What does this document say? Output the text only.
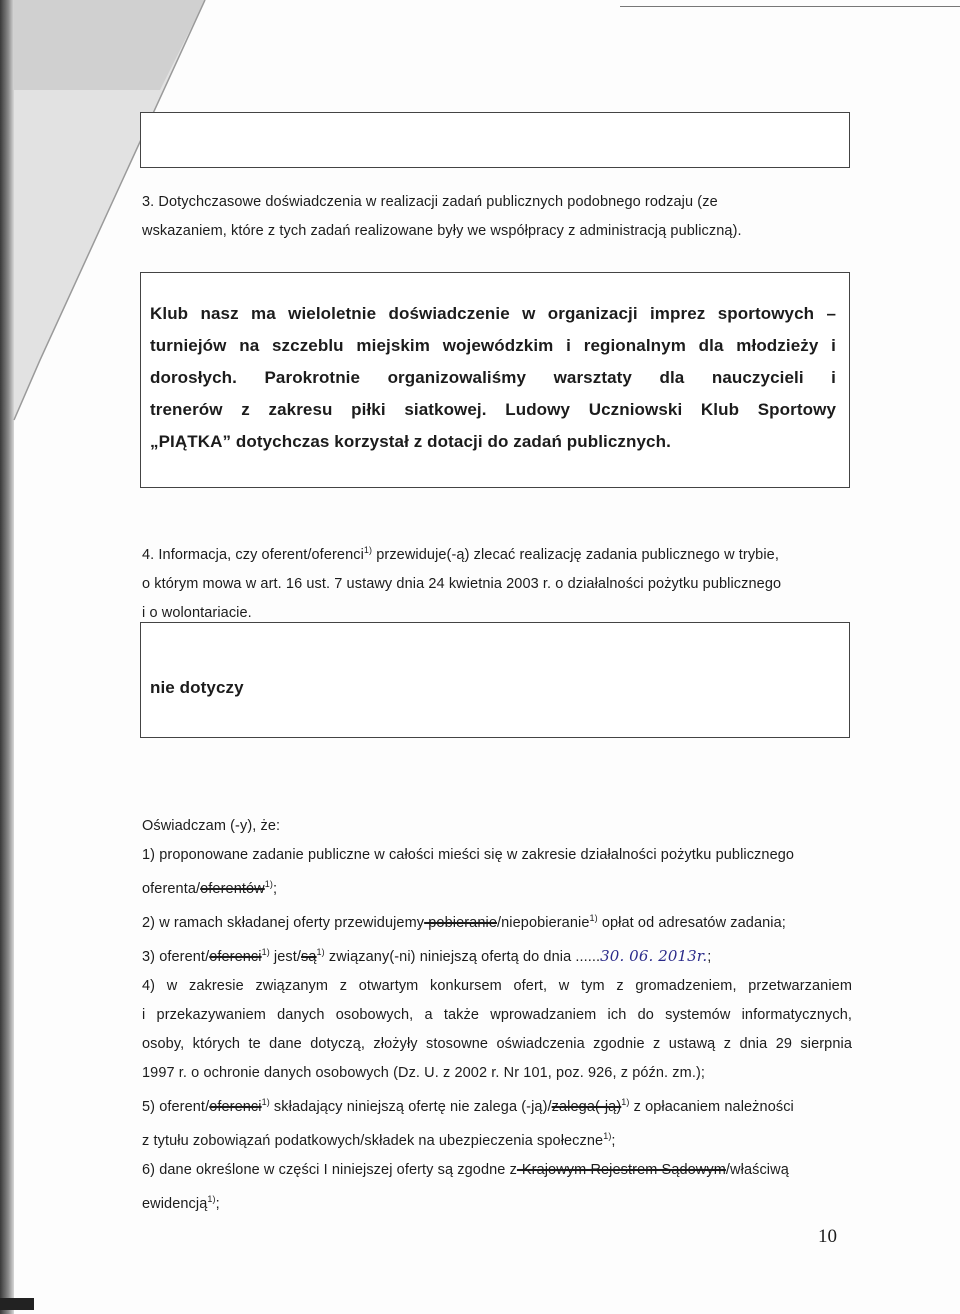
3. Dotychczasowe doświadczenia w realizacji zadań publicznych podobnego rodzaju (ze
wskazaniem, które z tych zadań realizowane były we współpracy z administracją publiczną).
Klub nasz ma wieloletnie doświadczenie w organizacji imprez sportowych –
turniejów na szczeblu miejskim wojewódzkim i regionalnym dla młodzieży i
dorosłych. Parokrotnie organizowaliśmy warsztaty dla nauczycieli i
trenerów z zakresu piłki siatkowej. Ludowy Uczniowski Klub Sportowy
„PIĄTKA” dotychczas korzystał z dotacji do zadań publicznych.
4. Informacja, czy oferent/oferenci$^{1)}$ przewiduje(-ą) zlecać realizację zadania publicznego w trybie,
o którym mowa w art. 16 ust. 7 ustawy dnia 24 kwietnia 2003 r. o działalności pożytku publicznego
i o wolontariacie.
nie dotyczy
Oświadczam (-y), że:
1) proponowane zadanie publiczne w całości mieści się w zakresie działalności pożytku publicznego
oferenta/oferentów$^{1)}$;
2) w ramach składanej oferty przewidujemy pobieranie/niepobieranie$^{1)}$ opłat od adresatów zadania;
3) oferent/oferenci$^{1)}$ jest/$są^{1)}$ związany(-ni) niniejszą ofertą do dnia ......30. 06. 2013r.;
4) w zakresie związanym z otwartym konkursem ofert, w tym z gromadzeniem, przetwarzaniem
i przekazywaniem danych osobowych, a także wprowadzaniem ich do systemów informatycznych,
osoby, których te dane dotyczą, złożyły stosowne oświadczenia zgodnie z ustawą z dnia 29 sierpnia
1997 r. o ochronie danych osobowych (Dz. U. z 2002 r. Nr 101, poz. 926, z późn. zm.);
5) oferent/oferenci$^{1)}$ składający niniejszą ofertę nie zalega (-ją)/zalega(-ją)$^{1)}$ z opłacaniem należności
z tytułu zobowiązań podatkowych/składek na ubezpieczenia społeczne$^{1)}$;
6) dane określone w części I niniejszej oferty są zgodne z-Krajowym Rejestrem Sądowym/właściwą
ewidencją$^{1)}$;
10
